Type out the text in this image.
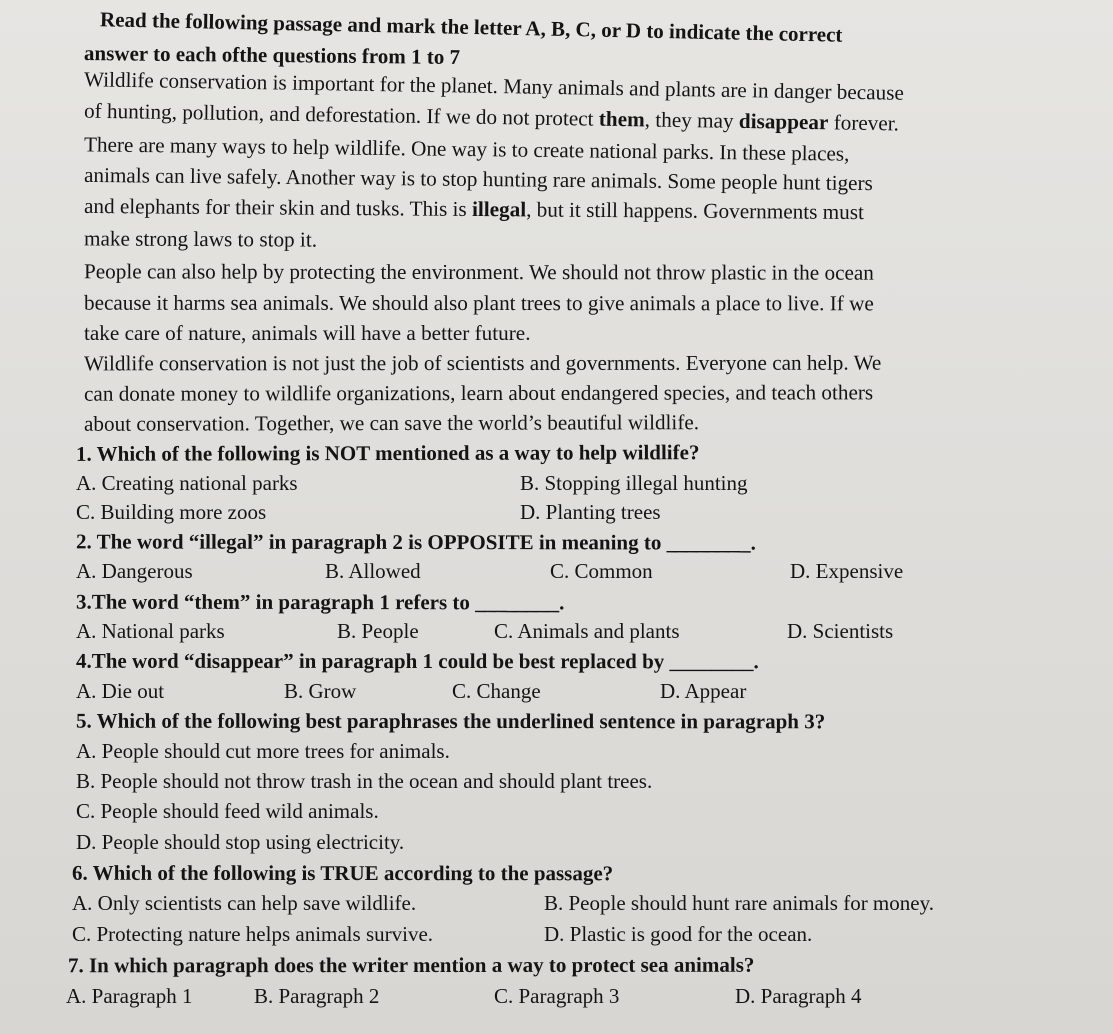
Read the following passage and mark the letter A, B, C, or D to indicate the correct
answer to each ofthe questions from 1 to 7
Wildlife conservation is important for the planet. Many animals and plants are in danger because
of hunting, pollution, and deforestation. If we do not protect them, they may disappear forever.
There are many ways to help wildlife. One way is to create national parks. In these places,
animals can live safely. Another way is to stop hunting rare animals. Some people hunt tigers
and elephants for their skin and tusks. This is illegal, but it still happens. Governments must
make strong laws to stop it.
People can also help by protecting the environment. We should not throw plastic in the ocean
because it harms sea animals. We should also plant trees to give animals a place to live. If we
take care of nature, animals will have a better future.
Wildlife conservation is not just the job of scientists and governments. Everyone can help. We
can donate money to wildlife organizations, learn about endangered species, and teach others
about conservation. Together, we can save the world’s beautiful wildlife.
1. Which of the following is NOT mentioned as a way to help wildlife?
A. Creating national parks	B. Stopping illegal hunting
C. Building more zoos	D. Planting trees
2. The word “illegal” in paragraph 2 is OPPOSITE in meaning to ________.
A. Dangerous	B. Allowed	C. Common	D. Expensive
3.The word “them” in paragraph 1 refers to ________.
A. National parks	B. People	C. Animals and plants	D. Scientists
4.The word “disappear” in paragraph 1 could be best replaced by ________.
A. Die out	B. Grow	C. Change	D. Appear
5. Which of the following best paraphrases the underlined sentence in paragraph 3?
A. People should cut more trees for animals.
B. People should not throw trash in the ocean and should plant trees.
C. People should feed wild animals.
D. People should stop using electricity.
6. Which of the following is TRUE according to the passage?
A. Only scientists can help save wildlife.	B. People should hunt rare animals for money.
C. Protecting nature helps animals survive.	D. Plastic is good for the ocean.
7. In which paragraph does the writer mention a way to protect sea animals?
A. Paragraph 1	B. Paragraph 2	C. Paragraph 3	D. Paragraph 4
